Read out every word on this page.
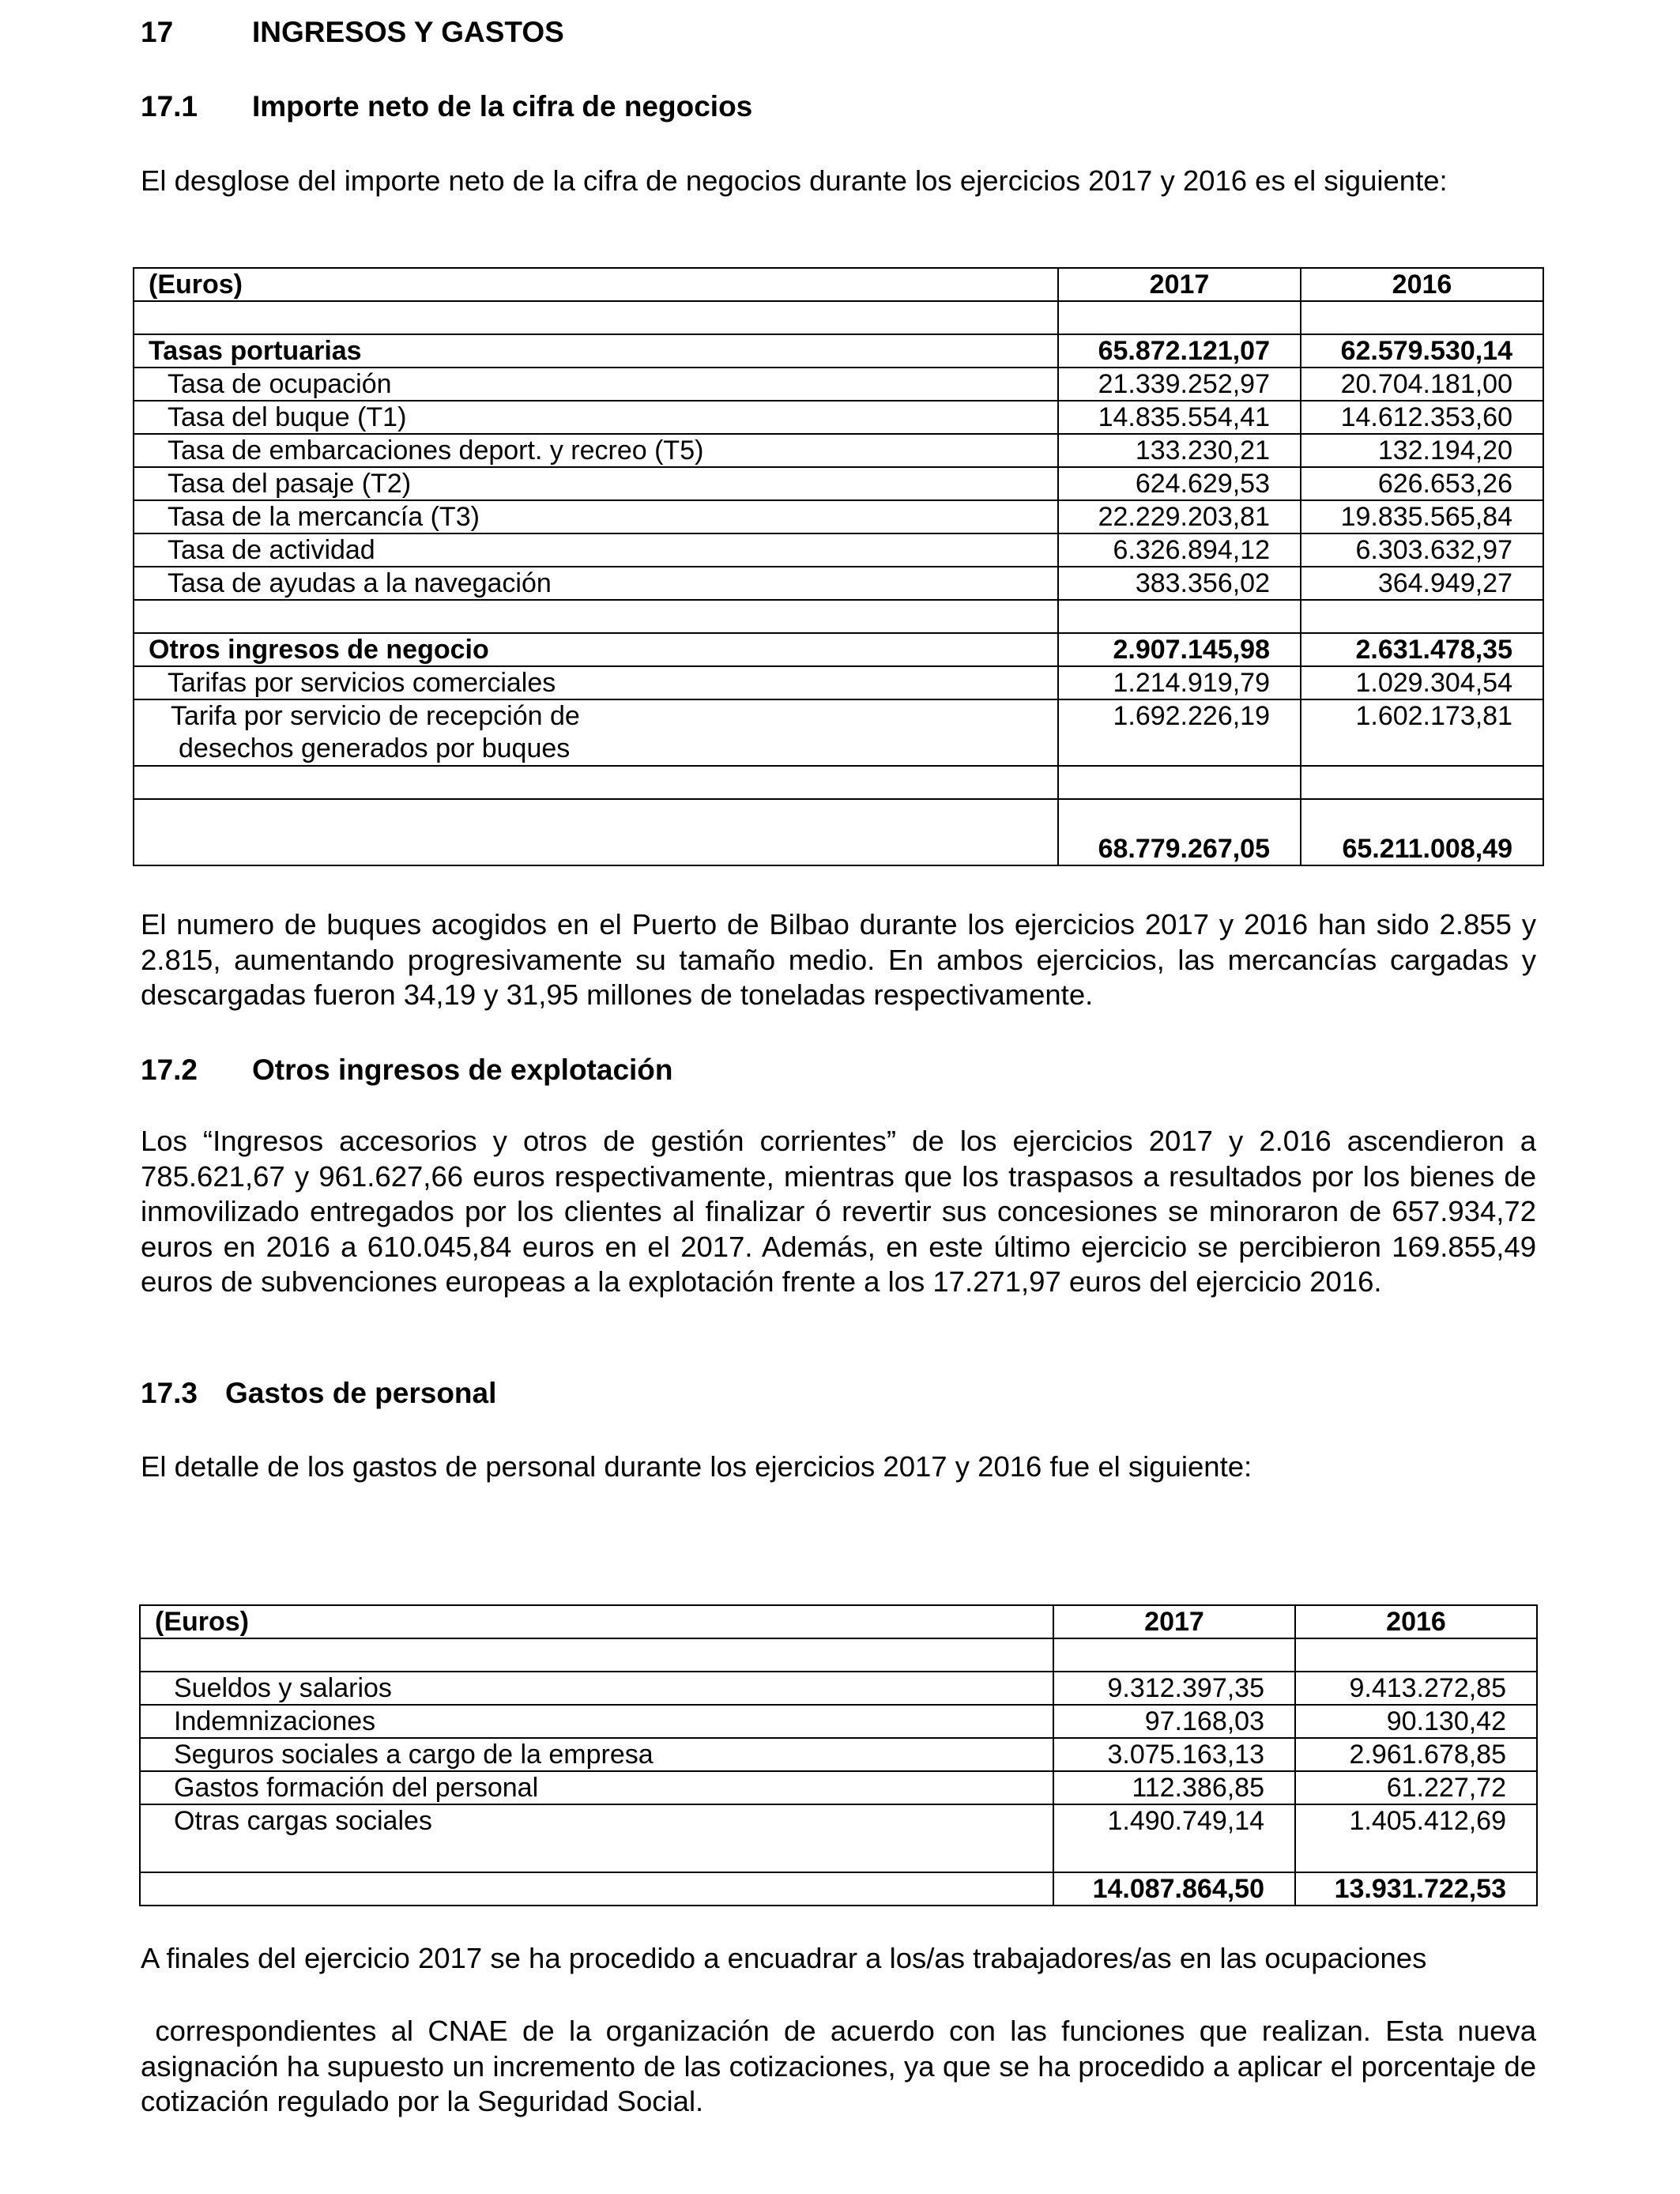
17	INGRESOS Y GASTOS
17.1	Importe neto de la cifra de negocios

El desglose del importe neto de la cifra de negocios durante los ejercicios 2017 y 2016 es el siguiente:

(Euros)	2017	2016

Tasas portuarias	65.872.121,07	62.579.530,14
Tasa de ocupación	21.339.252,97	20.704.181,00
Tasa del buque (T1)	14.835.554,41	14.612.353,60
Tasa de embarcaciones deport. y recreo (T5)	133.230,21	132.194,20
Tasa del pasaje (T2)	624.629,53	626.653,26
Tasa de la mercancía (T3)	22.229.203,81	19.835.565,84
Tasa de actividad	6.326.894,12	6.303.632,97
Tasa de ayudas a la navegación	383.356,02	364.949,27

Otros ingresos de negocio	2.907.145,98	2.631.478,35
Tarifas por servicios comerciales	1.214.919,79	1.029.304,54

Tarifa por servicio de recepción de
desechos generados por buques	1.692.226,19	1.602.173,81

	68.779.267,05	65.211.008,49

El numero de buques acogidos en el Puerto de Bilbao durante los ejercicios 2017 y 2016 han sido 2.855 y 2.815, aumentando progresivamente su tamaño medio. En ambos ejercicios, las mercancías cargadas y descargadas fueron 34,19 y 31,95 millones de toneladas respectivamente.

17.2	Otros ingresos de explotación

Los “Ingresos accesorios y otros de gestión corrientes” de los ejercicios 2017 y 2.016 ascendieron a 785.621,67 y 961.627,66 euros respectivamente, mientras que los traspasos a resultados por los bienes de inmovilizado entregados por los clientes al finalizar ó revertir sus concesiones se minoraron de 657.934,72 euros en 2016 a 610.045,84 euros en el 2017. Además, en este último ejercicio se percibieron 169.855,49 euros de subvenciones europeas a la explotación frente a los 17.271,97 euros del ejercicio 2016.

17.3 Gastos de personal

El detalle de los gastos de personal durante los ejercicios 2017 y 2016 fue el siguiente:

(Euros)	2017	2016

Sueldos y salarios	9.312.397,35	9.413.272,85
Indemnizaciones	97.168,03	90.130,42
Seguros sociales a cargo de la empresa	3.075.163,13	2.961.678,85
Gastos formación del personal	112.386,85	61.227,72
Otras cargas sociales	1.490.749,14	1.405.412,69
	14.087.864,50	13.931.722,53

A finales del ejercicio 2017 se ha procedido a encuadrar a los/as trabajadores/as en las ocupaciones

correspondientes al CNAE de la organización de acuerdo con las funciones que realizan. Esta nueva asignación ha supuesto un incremento de las cotizaciones, ya que se ha procedido a aplicar el porcentaje de cotización regulado por la Seguridad Social.
